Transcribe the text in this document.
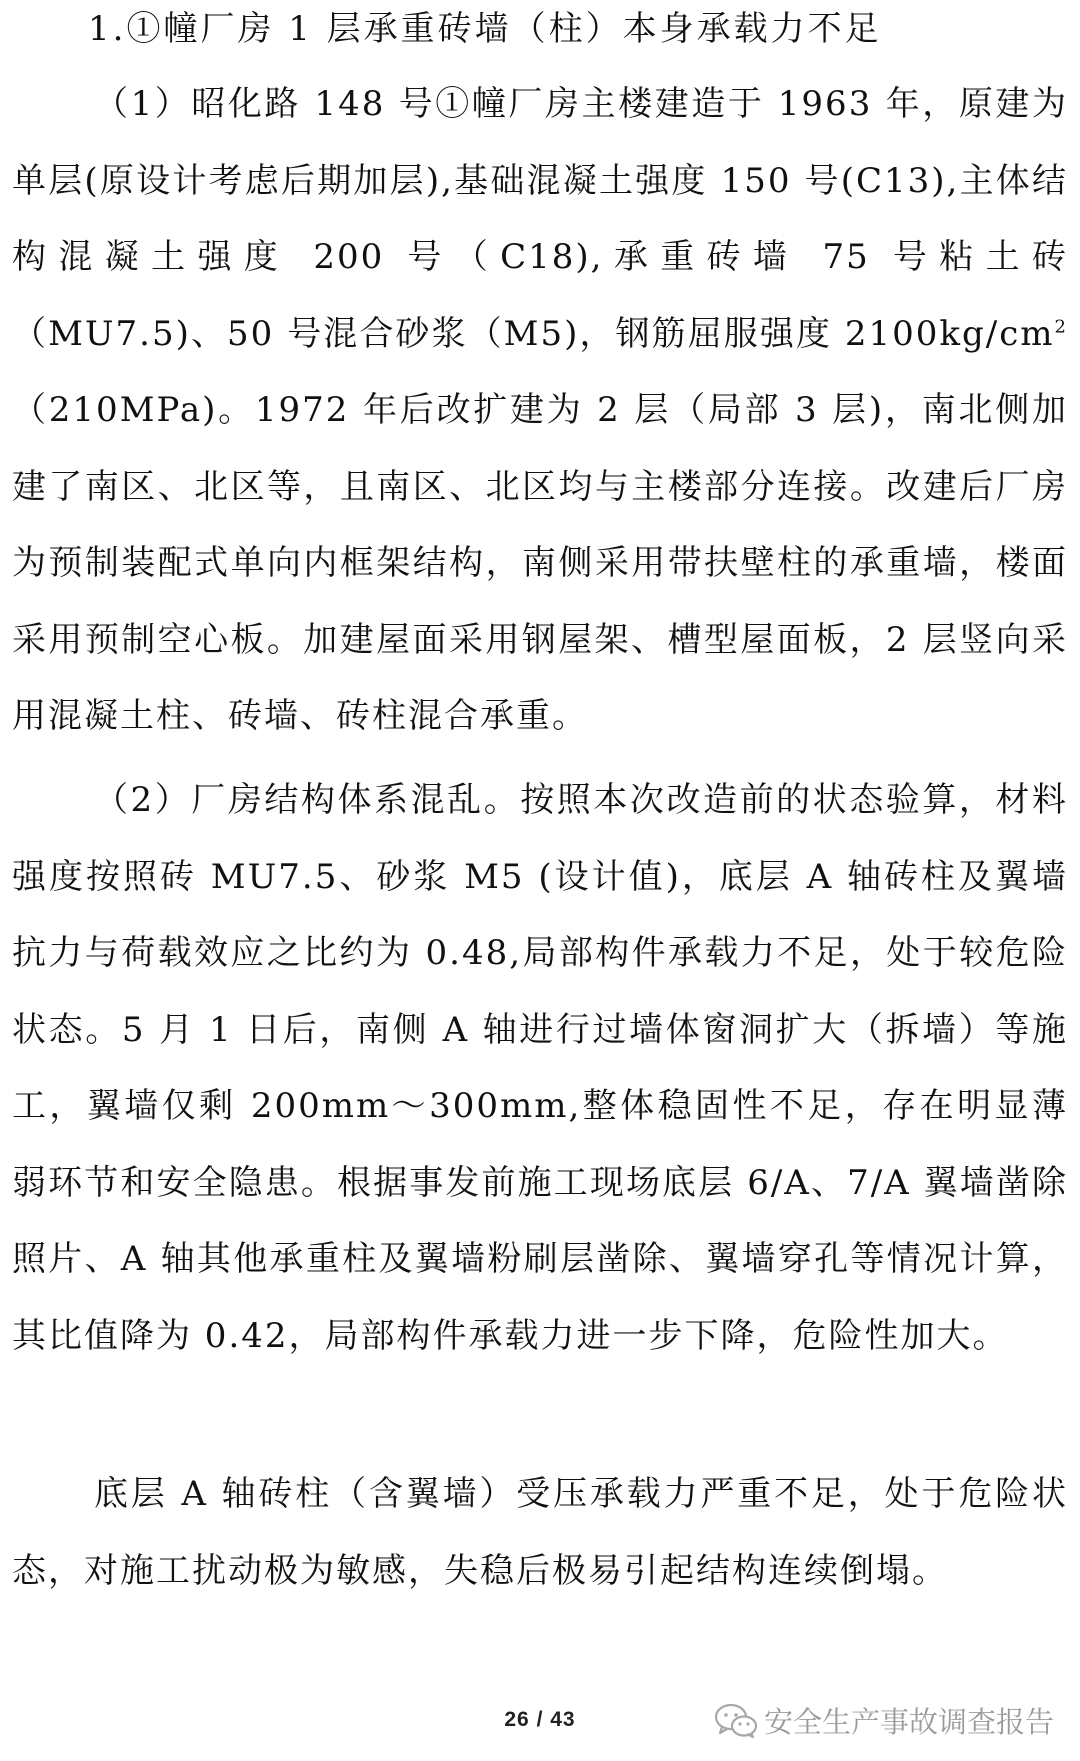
1.①幢厂房 1 层承重砖墙（柱）本身承载力不足

（1）昭化路 148 号①幢厂房主楼建造于 1963 年，原建为单层(原设计考虑后期加层),基础混凝土强度 150 号(C13),主体结构混凝土强度 200 号（C18),承重砖墙 75 号粘土砖（MU7.5)、50 号混合砂浆（M5)，钢筋屈服强度 $2100kg/cm^2(210MPa)$。1972 年后改扩建为 2 层（局部 3 层)，南北侧加建了南区、北区等，且南区、北区均与主楼部分连接。改建后厂房为预制装配式单向内框架结构，南侧采用带扶壁柱的承重墙，楼面采用预制空心板。加建屋面采用钢屋架、槽型屋面板，2 层竖向采用混凝土柱、砖墙、砖柱混合承重。

（2）厂房结构体系混乱。按照本次改造前的状态验算，材料强度按照砖 MU7.5、砂浆 M5 (设计值)，底层 A 轴砖柱及翼墙抗力与荷载效应之比约为 0.48,局部构件承载力不足，处于较危险状态。5 月 1 日后，南侧 A 轴进行过墙体窗洞扩大（拆墙）等施工，翼墙仅剩 200mm～300mm,整体稳固性不足，存在明显薄弱环节和安全隐患。根据事发前施工现场底层 6/A、7/A 翼墙凿除照片、A 轴其他承重柱及翼墙粉刷层凿除、翼墙穿孔等情况计算，其比值降为 0.42，局部构件承载力进一步下降，危险性加大。

底层 A 轴砖柱（含翼墙）受压承载力严重不足，处于危险状态，对施工扰动极为敏感，失稳后极易引起结构连续倒塌。

26 / 43	安全生产事故调查报告
